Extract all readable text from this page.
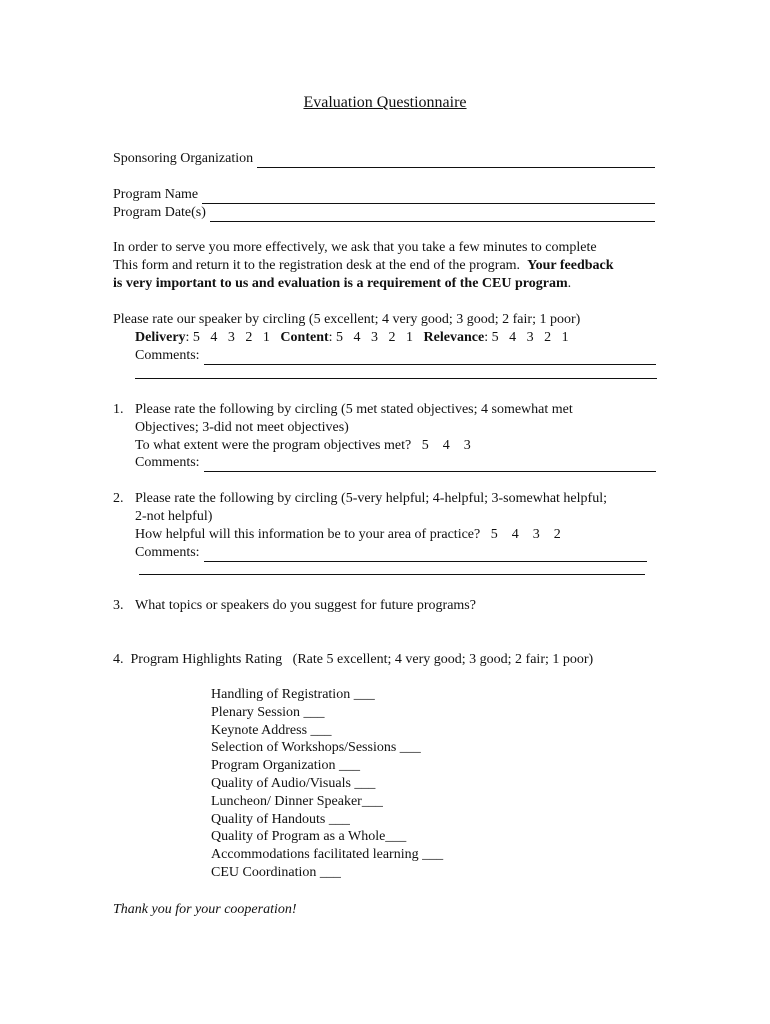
Evaluation Questionnaire
Sponsoring Organization
Program Name
Program Date(s)
In order to serve you more effectively, we ask that you take a few minutes to complete
This form and return it to the registration desk at the end of the program. Your feedback
is very important to us and evaluation is a requirement of the CEU program.
Please rate our speaker by circling (5 excellent; 4 very good; 3 good; 2 fair; 1 poor)
Delivery: 5   4   3   2   1 Content: 5   4   3   2   1 Relevance: 5   4   3   2   1
Comments:
1. Please rate the following by circling (5 met stated objectives; 4 somewhat met
Objectives; 3-did not meet objectives)
To what extent were the program objectives met?   5    4    3
Comments:
2. Please rate the following by circling (5-very helpful; 4-helpful; 3-somewhat helpful;
2-not helpful)
How helpful will this information be to your area of practice?   5    4    3    2
Comments:
3. What topics or speakers do you suggest for future programs?
4.  Program Highlights Rating   (Rate 5 excellent; 4 very good; 3 good; 2 fair; 1 poor)
Handling of Registration ___
Plenary Session ___
Keynote Address ___
Selection of Workshops/Sessions ___
Program Organization ___
Quality of Audio/Visuals ___
Luncheon/ Dinner Speaker___
Quality of Handouts ___
Quality of Program as a Whole___
Accommodations facilitated learning ___
CEU Coordination ___
Thank you for your cooperation!
